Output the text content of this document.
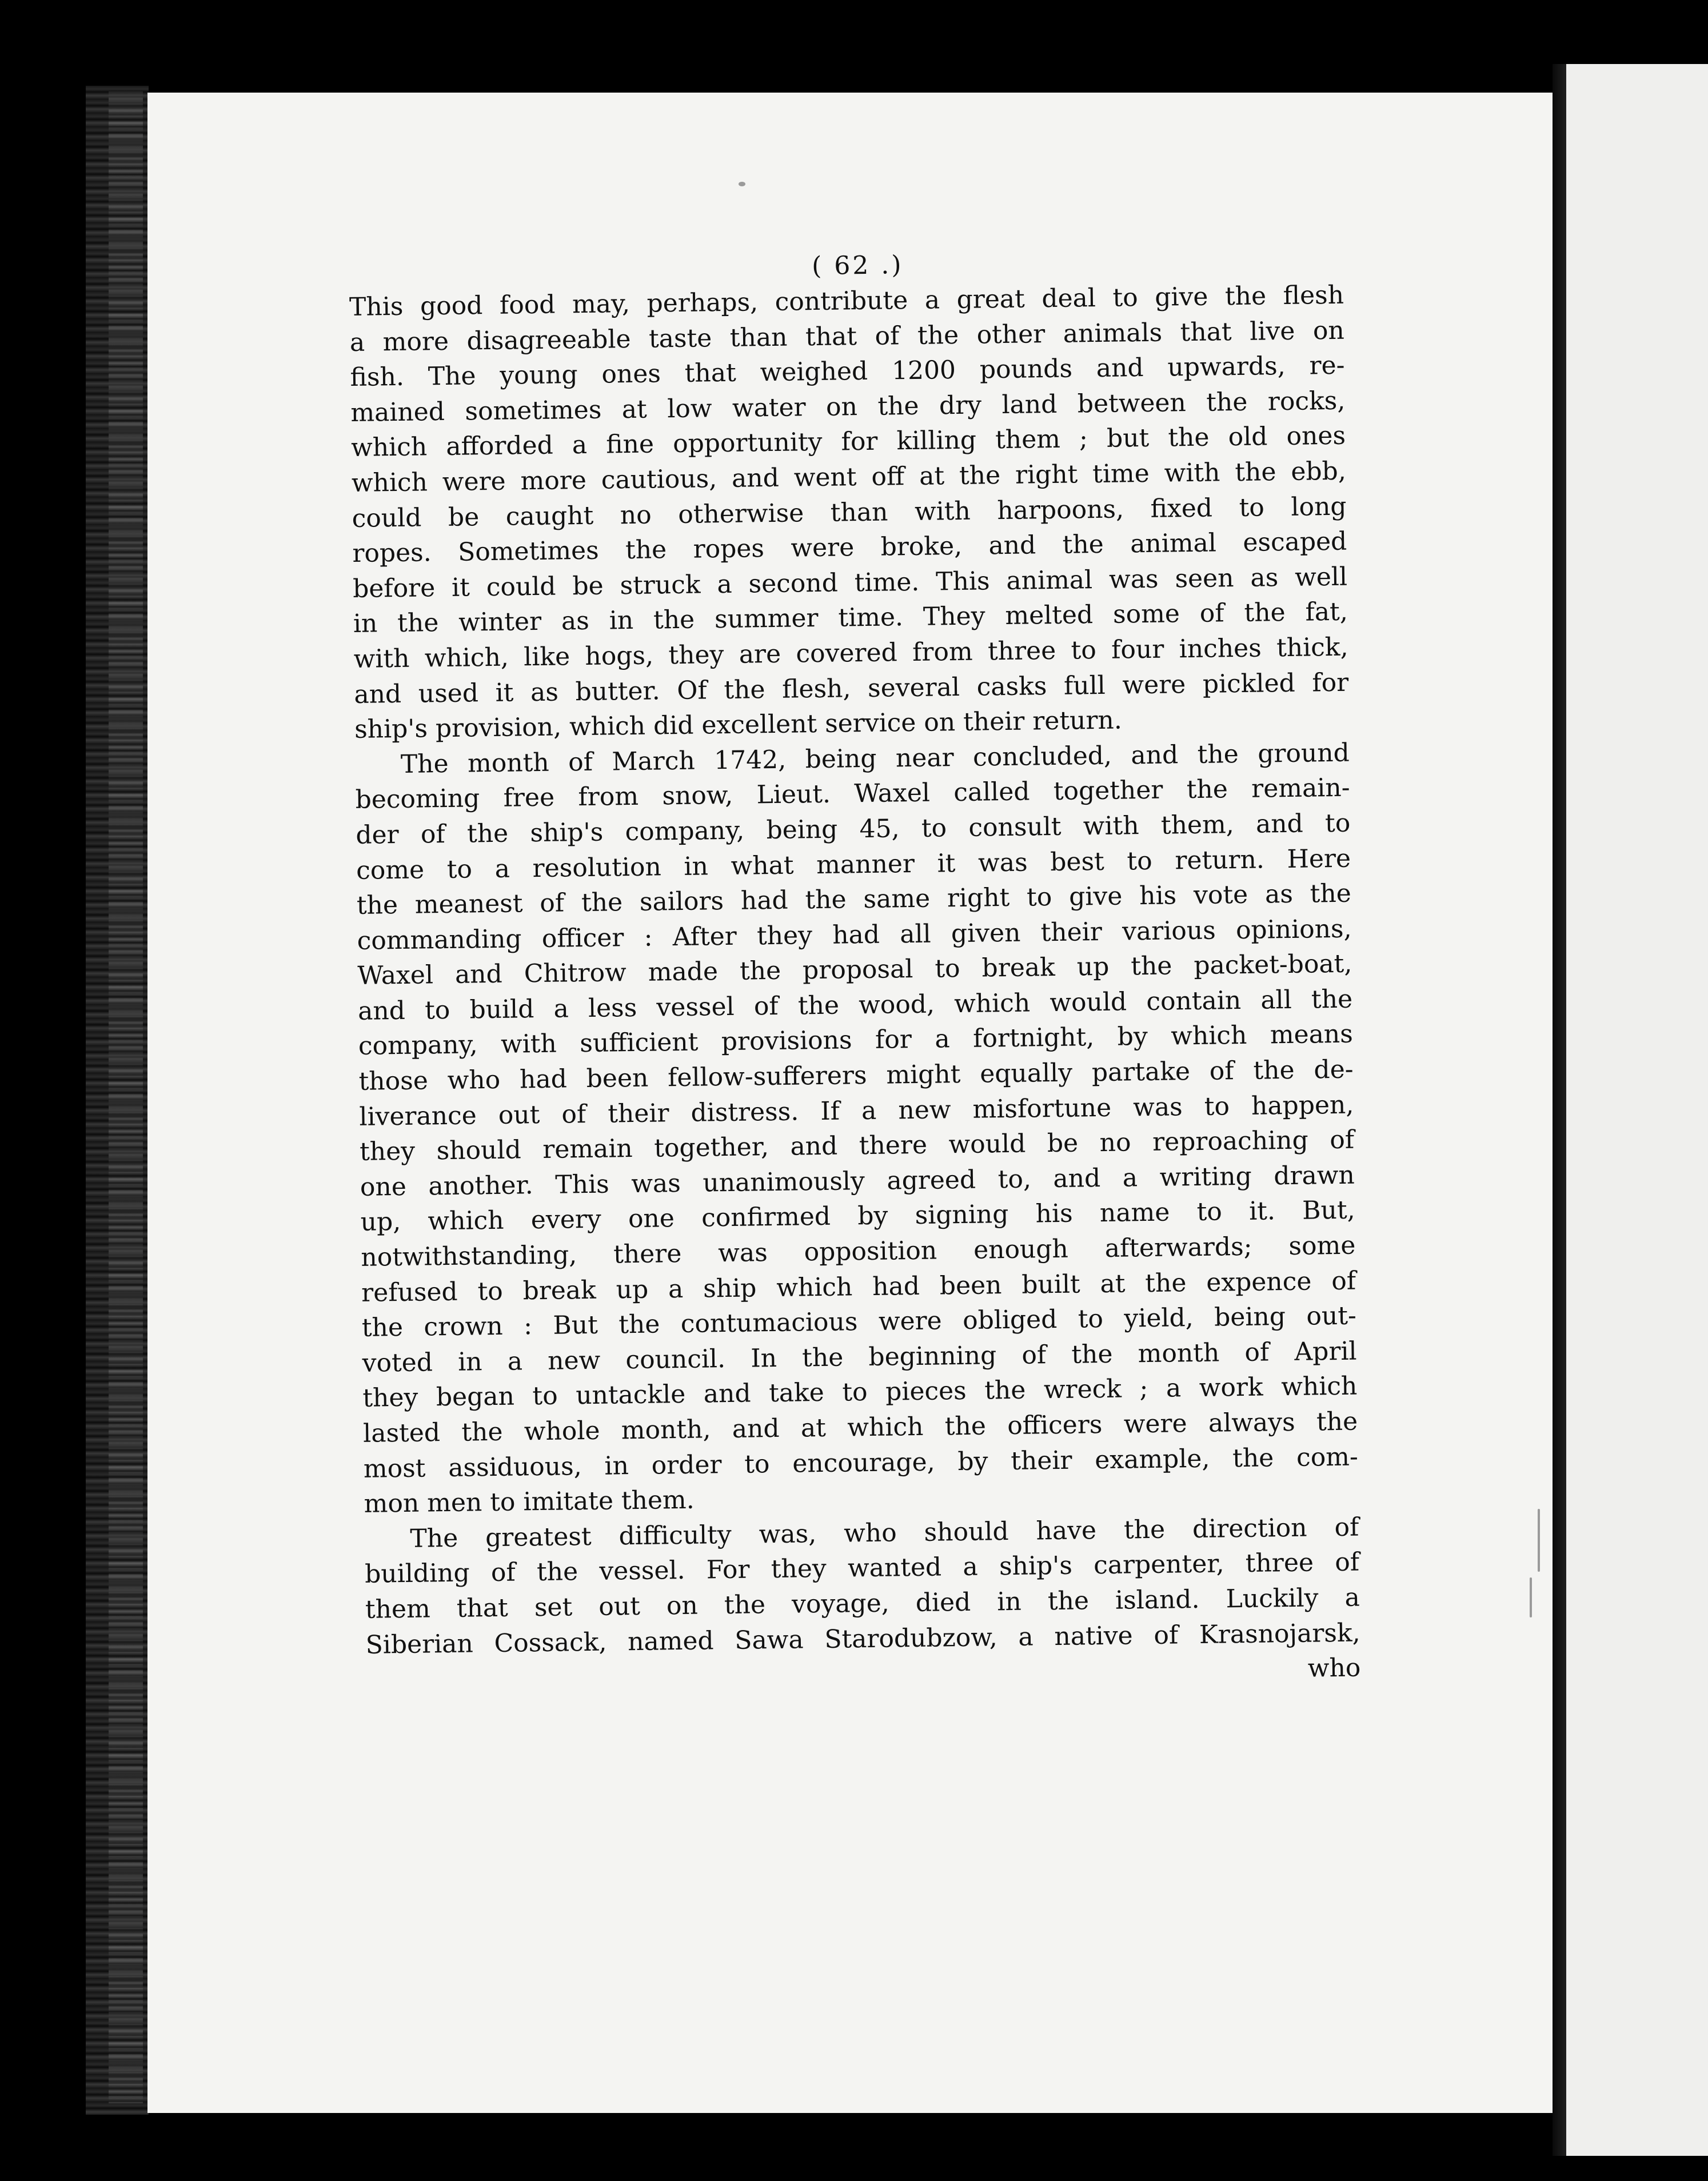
( 62 .)
This good food may, perhaps, contribute a great deal to give the flesh
a more disagreeable taste than that of the other animals that live on
fish. The young ones that weighed 1200 pounds and upwards, re-
mained sometimes at low water on the dry land between the rocks,
which afforded a fine opportunity for killing them ; but the old ones
which were more cautious, and went off at the right time with the ebb,
could be caught no otherwise than with harpoons, fixed to long
ropes. Sometimes the ropes were broke, and the animal escaped
before it could be struck a second time. This animal was seen as well
in the winter as in the summer time. They melted some of the fat,
with which, like hogs, they are covered from three to four inches thick,
and used it as butter. Of the flesh, several casks full were pickled for
ship's provision, which did excellent service on their return.
The month of March 1742, being near concluded, and the ground
becoming free from snow, Lieut. Waxel called together the remain-
der of the ship's company, being 45, to consult with them, and to
come to a resolution in what manner it was best to return. Here
the meanest of the sailors had the same right to give his vote as the
commanding officer : After they had all given their various opinions,
Waxel and Chitrow made the proposal to break up the packet-boat,
and to build a less vessel of the wood, which would contain all the
company, with sufficient provisions for a fortnight, by which means
those who had been fellow-sufferers might equally partake of the de-
liverance out of their distress. If a new misfortune was to happen,
they should remain together, and there would be no reproaching of
one another. This was unanimously agreed to, and a writing drawn
up, which every one confirmed by signing his name to it. But,
notwithstanding, there was opposition enough afterwards; some
refused to break up a ship which had been built at the expence of
the crown : But the contumacious were obliged to yield, being out-
voted in a new council. In the beginning of the month of April
they began to untackle and take to pieces the wreck ; a work which
lasted the whole month, and at which the officers were always the
most assiduous, in order to encourage, by their example, the com-
mon men to imitate them.
The greatest difficulty was, who should have the direction of
building of the vessel. For they wanted a ship's carpenter, three of
them that set out on the voyage, died in the island. Luckily a
Siberian Cossack, named Sawa Starodubzow, a native of Krasnojarsk,
who
